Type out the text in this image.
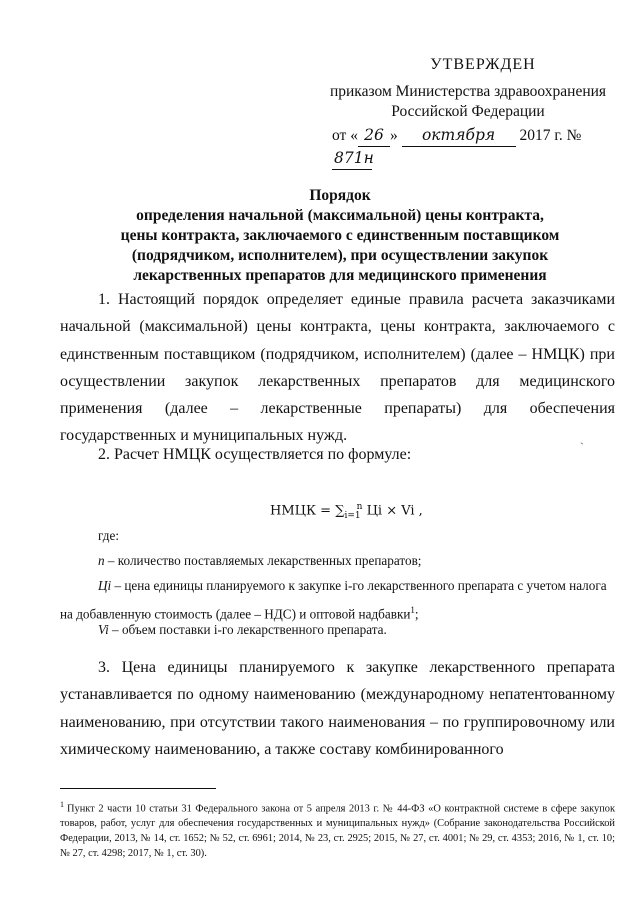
УТВЕРЖДЕН
приказом Министерства здравоохранения
Российской Федерации
от « 26 » октября 2017 г. № 871н
Порядок
определения начальной (максимальной) цены контракта,
цены контракта, заключаемого с единственным поставщиком
(подрядчиком, исполнителем), при осуществлении закупок
лекарственных препаратов для медицинского применения
1. Настоящий порядок определяет единые правила расчета заказчиками начальной (максимальной) цены контракта, цены контракта, заключаемого с единственным поставщиком (подрядчиком, исполнителем) (далее – НМЦК) при осуществлении закупок лекарственных препаратов для медицинского применения (далее – лекарственные препараты) для обеспечения государственных и муниципальных нужд.
ˋ
2. Расчет НМЦК осуществляется по формуле:
НМЦК = $\sum_{i=1}^n$ Цi × Vi ,
где:
n – количество поставляемых лекарственных препаратов;
Цi – цена единицы планируемого к закупке i-го лекарственного препарата с учетом налога на добавленную стоимость (далее – НДС) и оптовой надбавки$^1$;
Vi – объем поставки i-го лекарственного препарата.
3. Цена единицы планируемого к закупке лекарственного препарата устанавливается по одному наименованию (международному непатентованному наименованию, при отсутствии такого наименования – по группировочному или химическому наименованию, а также составу комбинированного
$^1$ Пункт 2 части 10 статьи 31 Федерального закона от 5 апреля 2013 г. № 44-ФЗ «О контрактной системе в сфере закупок товаров, работ, услуг для обеспечения государственных и муниципальных нужд» (Собрание законодательства Российской Федерации, 2013, № 14, ст. 1652; № 52, ст. 6961; 2014, № 23, ст. 2925; 2015, № 27, ст. 4001; № 29, ст. 4353; 2016, № 1, ст. 10; № 27, ст. 4298; 2017, № 1, ст. 30).
